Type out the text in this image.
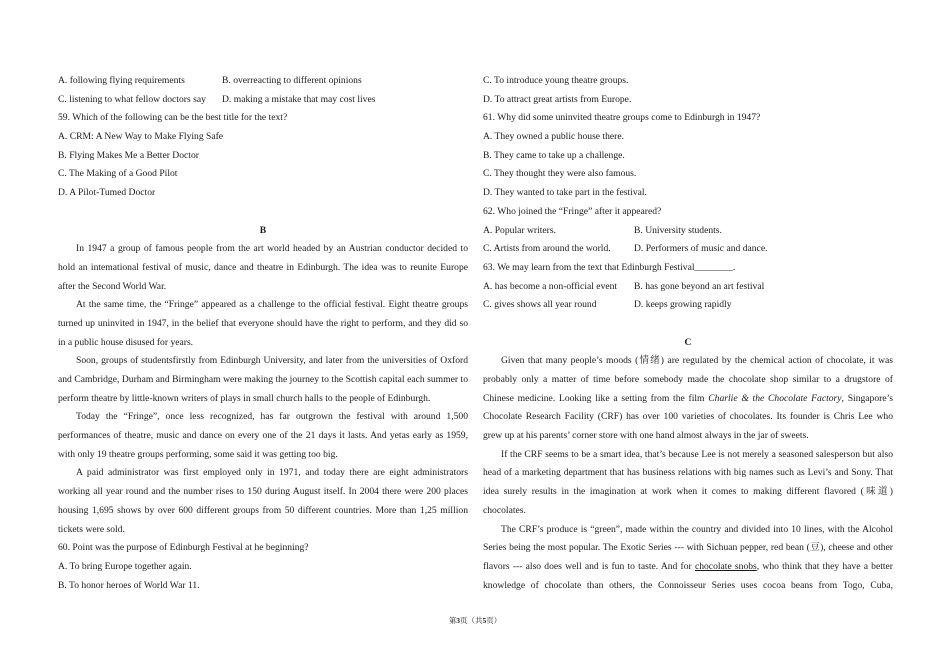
A. following flying requirements	B. overreacting to different opinions
C. listening to what fellow doctors say	D. making a mistake that may cost lives
59. Which of the following can be the best title for the text?
A. CRM: A New Way to Make Flying Safe
B. Flying Makes Me a Better Doctor
C. The Making of a Good Pilot
D. A Pilot-Tumed Doctor
B
In 1947 a group of famous people from the art world headed by an Austrian conductor decided to
hold an intemational festival of music, dance and theatre in Edinburgh. The idea was to reunite Europe
after the Second World War.
At the same time, the “Fringe” appeared as a challenge to the official festival. Eight theatre groups
turned up uninvited in 1947, in the belief that everyone should have the right to perform, and they did so
in a public house disused for years.
Soon, groups of studentsfirstly from Edinburgh University, and later from the universities of Oxford
and Cambridge, Durham and Birmingham were making the journey to the Scottish capital each summer to
perform theatre by little-known writers of plays in small church halls to the people of Edinburgh.
Today the “Fringe”, once less recognized, has far outgrown the festival with around 1,500
performances of theatre, music and dance on every one of the 21 days it lasts. And yetas early as 1959,
with only 19 theatre groups performing, some said it was getting too big.
A paid administrator was first employed only in 1971, and today there are eight administrators
working all year round and the number rises to 150 during August itself. In 2004 there were 200 places
housing 1,695 shows by over 600 different groups from 50 different countries. More than 1,25 million
tickets were sold.
60. Point was the purpose of Edinburgh Festival at he beginning?
A. To bring Europe together again.
B. To honor heroes of World War 11.
C. To introduce young theatre groups.
D. To attract great artists from Europe.
61. Why did some uninvited theatre groups come to Edinburgh in 1947?
A. They owned a public house there.
B. They came to take up a challenge.
C. They thought they were also famous.
D. They wanted to take part in the festival.
62. Who joined the “Fringe” after it appeared?
A. Popular writers.	B. University students.
C. Artists from around the world.	D. Performers of music and dance.
63. We may learn from the text that Edinburgh Festival________.
A. has become a non-official event	B. has gone beyond an art festival
C. gives shows all year round	D. keeps growing rapidly
C
Given that many people’s moods (情绪) are regulated by the chemical action of chocolate, it was
probably only a matter of time before somebody made the chocolate shop similar to a drugstore of
Chinese medicine. Looking like a setting from the film Charlie & the Chocolate Factory, Singapore’s
Chocolate Research Facility (CRF) has over 100 varieties of chocolates. Its founder is Chris Lee who
grew up at his parents’ corner store with one hand almost always in the jar of sweets.
If the CRF seems to be a smart idea, that’s because Lee is not merely a seasoned salesperson but also
head of a marketing department that has business relations with big names such as Levi’s and Sony. That
idea surely results in the imagination at work when it comes to making different flavored (味道)
chocolates.
The CRF’s produce is “green”, made within the country and divided into 10 lines, with the Alcohol
Series being the most popular. The Exotic Series --- with Sichuan pepper, red bean (豆), cheese and other
flavors --- also does well and is fun to taste. And for chocolate snobs, who think that they have a better
knowledge of chocolate than others, the Connoisseur Series uses cocoa beans from Togo, Cuba,
第3页（共5页）
